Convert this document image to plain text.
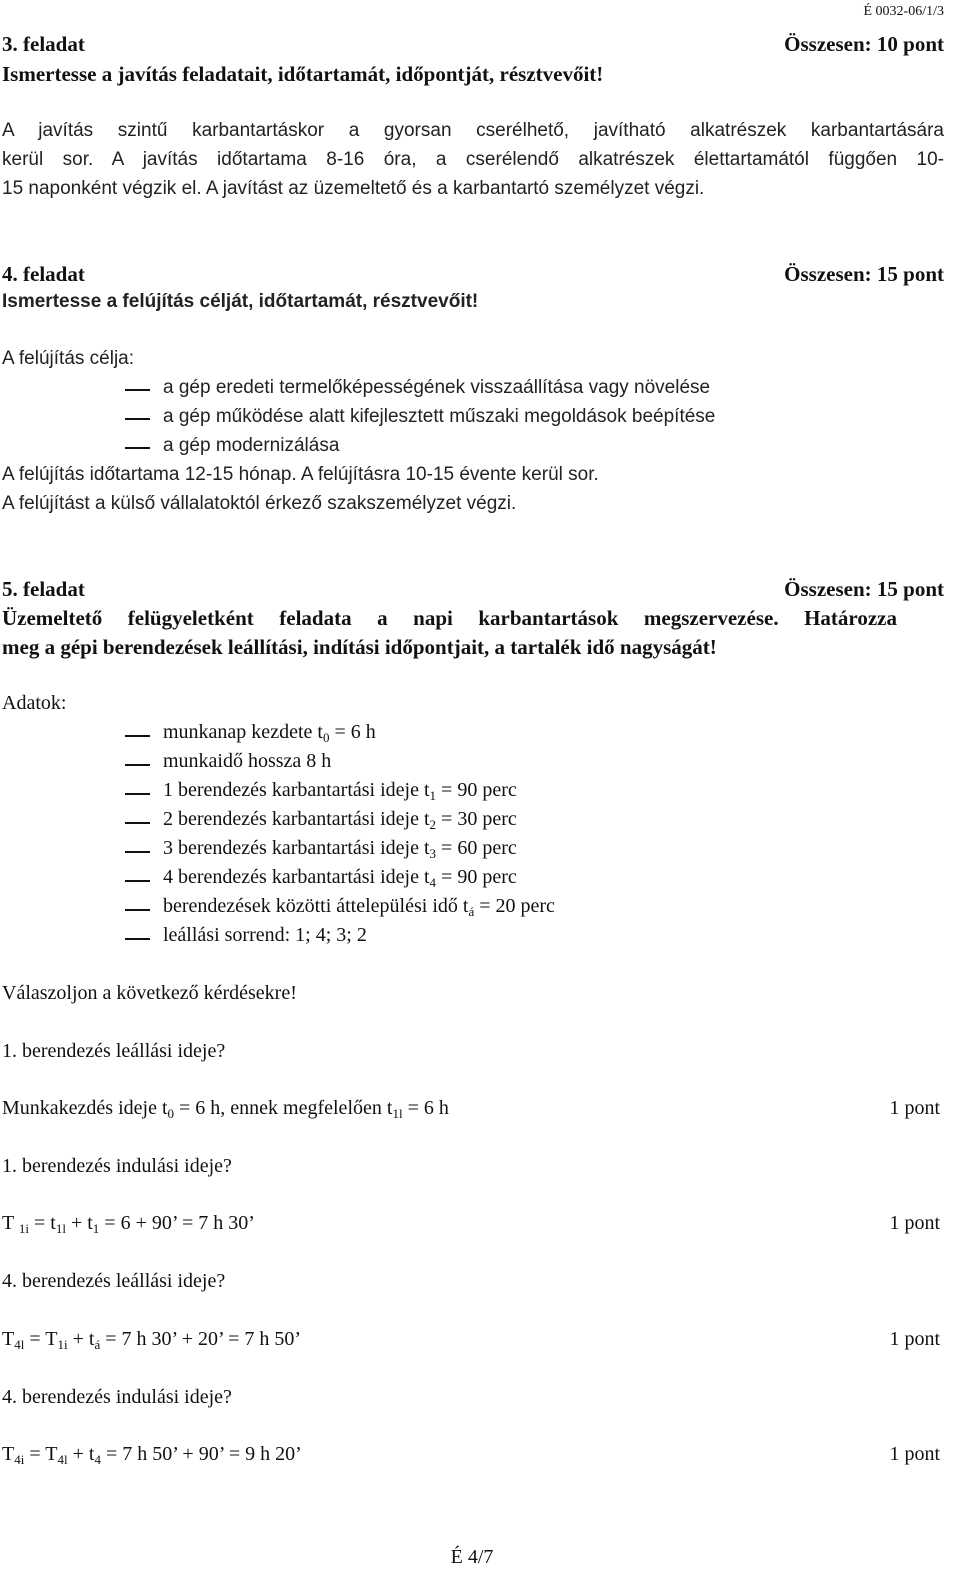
É 0032-06/1/3
3. feladat	Összesen: 10 pont
Ismertesse a javítás feladatait, időtartamát, időpontját, résztvevőit!
A javítás szintű karbantartáskor a gyorsan cserélhető, javítható alkatrészek karbantartására
kerül sor. A javítás időtartama 8-16 óra, a cserélendő alkatrészek élettartamától függően 10-
15 naponként végzik el. A javítást az üzemeltető és a karbantartó személyzet végzi.
4. feladat	Összesen: 15 pont
Ismertesse a felújítás célját, időtartamát, résztvevőit!
A felújítás célja:
a gép eredeti termelőképességének visszaállítása vagy növelése
a gép működése alatt kifejlesztett műszaki megoldások beépítése
a gép modernizálása
A felújítás időtartama 12-15 hónap. A felújításra 10-15 évente kerül sor.
A felújítást a külső vállalatoktól érkező szakszemélyzet végzi.
5. feladat	Összesen: 15 pont
Üzemeltető felügyeletként feladata a napi karbantartások megszervezése. Határozza
meg a gépi berendezések leállítási, indítási időpontjait, a tartalék idő nagyságát!
Adatok:
munkanap kezdete $t_0 = 6$ h
munkaidő hossza 8 h
1 berendezés karbantartási ideje $t_1 = 90$ perc
2 berendezés karbantartási ideje $t_2 = 30$ perc
3 berendezés karbantartási ideje $t_3 = 60$ perc
4 berendezés karbantartási ideje $t_4 = 90$ perc
berendezések közötti áttelepülési idő $t_á = 20$ perc
leállási sorrend: 1; 4; 3; 2
Válaszoljon a következő kérdésekre!
1. berendezés leállási ideje?
Munkakezdés ideje $t_0 = 6$ h, ennek megfelelően $t_{1l} = 6$ h	1 pont
1. berendezés indulási ideje?
T $_{1i} = t_{1l} + t_1 = 6 + 90$’ = 7 h 30’	1 pont
4. berendezés leállási ideje?
$T_{4l} = T_{1i} + t_á = 7$ h 30’ + 20’ = 7 h 50’	1 pont
4. berendezés indulási ideje?
$T_{4i} = T_{4l} + t_4 = 7$ h 50’ + 90’ = 9 h 20’	1 pont
É 4/7
